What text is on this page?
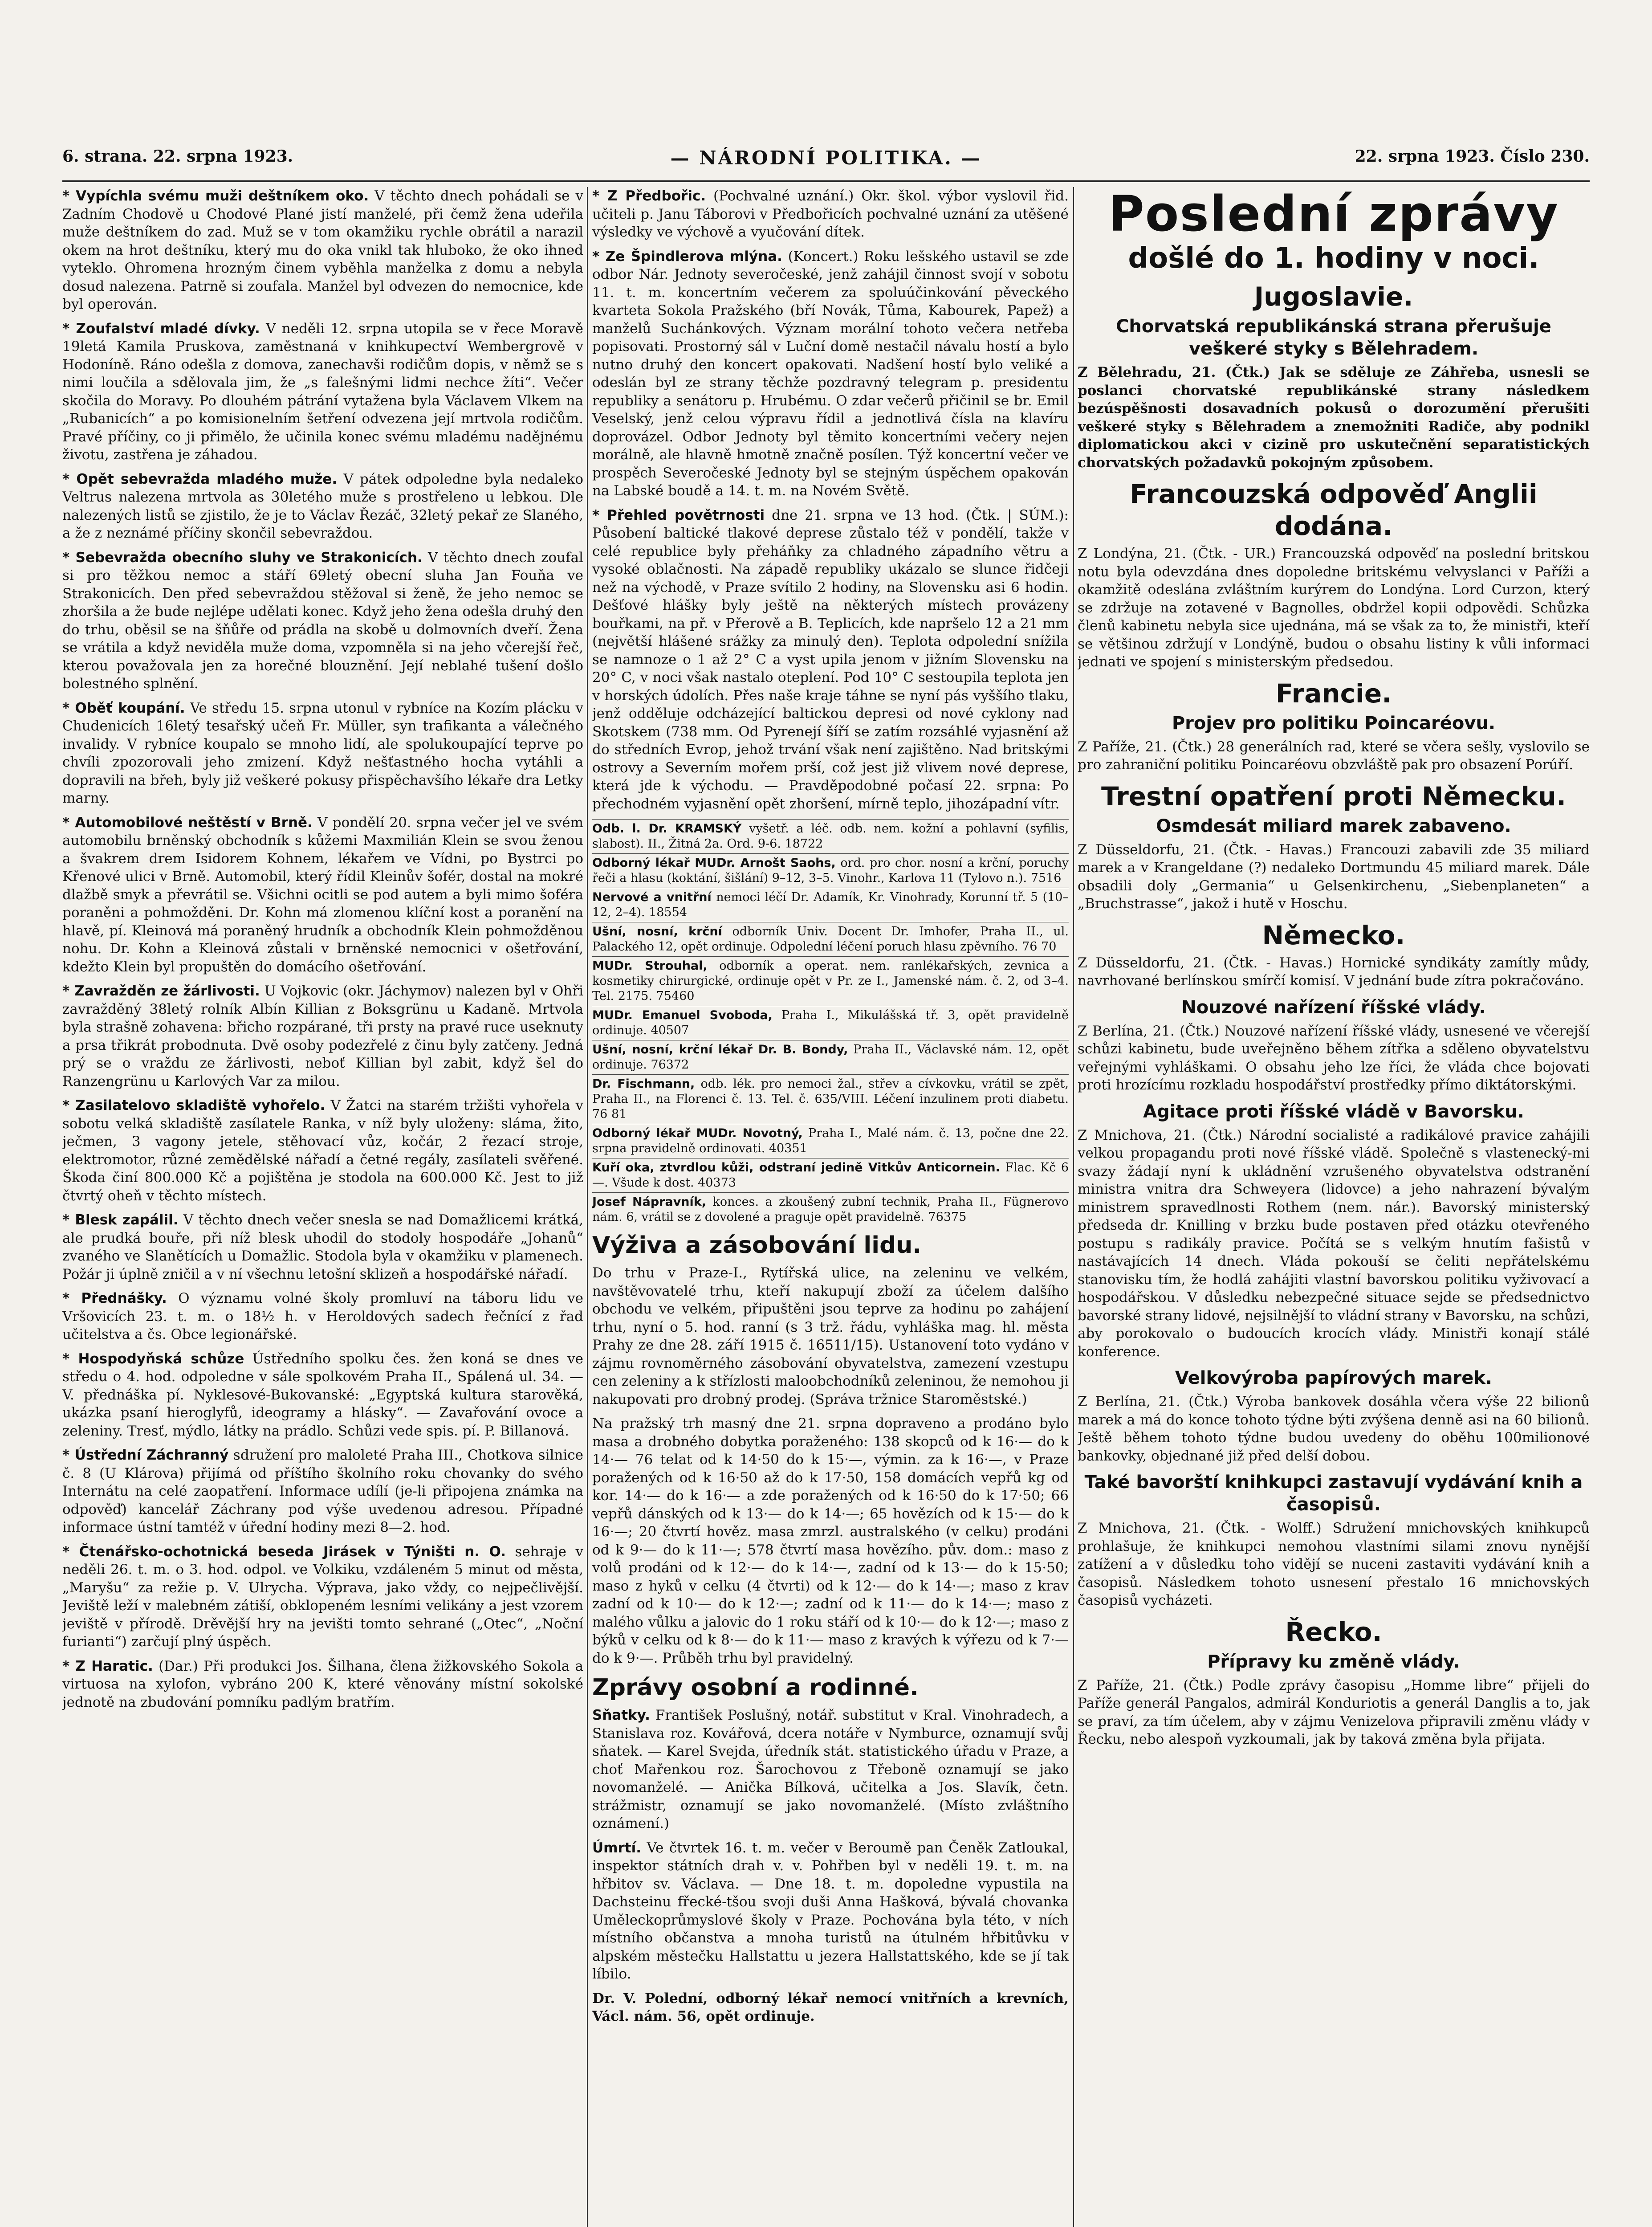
6. strana. 22. srpna 1923.	— NÁRODNÍ POLITIKA. —	22. srpna 1923. Číslo 230.
* Vypíchla svému muži deštníkem oko. V těchto dnech pohádali se v Zadním Chodově u Chodové Plané jistí manželé, při čemž žena udeřila muže deštníkem do zad. Muž se v tom okamžiku rychle obrátil a narazil okem na hrot deštníku, který mu do oka vnikl tak hluboko, že oko ihned vyteklo. Ohromena hrozným činem vyběhla manželka z domu a nebyla dosud nalezena. Patrně si zoufala. Manžel byl odvezen do nemocnice, kde byl operován.
* Zoufalství mladé dívky. V neděli 12. srpna utopila se v řece Moravě 19letá Kamila Pruskova, zaměstnaná v knihkupectví Wembergrově v Hodoníně. Ráno odešla z domova, zanechavši rodičům dopis, v němž se s nimi loučila a sdělovala jim, že „s falešnými lidmi nechce žíti“. Večer skočila do Moravy. Po dlouhém pátrání vytažena byla Václavem Vlkem na „Rubanicích“ a po komisionelním šetření odvezena její mrtvola rodičům. Pravé příčiny, co ji přimělo, že učinila konec svému mladému nadějnému životu, zastřena je záhadou.
* Opět sebevražda mladého muže. V pátek odpoledne byla nedaleko Veltrus nalezena mrtvola as 30letého muže s prostřeleno u lebkou. Dle nalezených listů se zjistilo, že je to Václav Řezáč, 32letý pekař ze Slaného, a že z neznámé příčiny skončil sebevraždou.
* Sebevražda obecního sluhy ve Strakonicích. V těchto dnech zoufal si pro těžkou nemoc a stáří 69letý obecní sluha Jan Fouňa ve Strakonicích. Den před sebevraždou stěžoval si ženě, že jeho nemoc se zhoršila a že bude nejlépe udělati konec. Když jeho žena odešla druhý den do trhu, oběsil se na šňůře od prádla na skobě u dolmovních dveří. Žena se vrátila a když neviděla muže doma, vzpomněla si na jeho včerejší řeč, kterou považovala jen za horečné blouznění. Její neblahé tušení došlo bolestného splnění.
* Oběť koupání. Ve středu 15. srpna utonul v rybníce na Kozím plácku v Chudenicích 16letý tesařský učeň Fr. Müller, syn trafikanta a válečného invalidy. V rybníce koupalo se mnoho lidí, ale spolukoupající teprve po chvíli zpozorovali jeho zmizení. Když nešťastného hocha vytáhli a dopravili na břeh, byly již veškeré pokusy přispěchavšího lékaře dra Letky marny.
* Automobilové neštěstí v Brně. V pondělí 20. srpna večer jel ve svém automobilu brněnský obchodník s kůžemi Maxmilián Klein se svou ženou a švakrem drem Isidorem Kohnem, lékařem ve Vídni, po Bystrci po Křenové ulici v Brně. Automobil, který řídil Kleinův šofér, dostal na mokré dlažbě smyk a převrátil se. Všichni ocitli se pod autem a byli mimo šoféra poraněni a pohmožděni. Dr. Kohn má zlomenou klíční kost a poranění na hlavě, pí. Kleinová má poraněný hrudník a obchodník Klein pohmožděnou nohu. Dr. Kohn a Kleinová zůstali v brněnské nemocnici v ošetřování, kdežto Klein byl propuštěn do domácího ošetřování.
* Zavražděn ze žárlivosti. U Vojkovic (okr. Jáchymov) nalezen byl v Ohři zavražděný 38letý rolník Albín Killian z Boksgrünu u Kadaně. Mrtvola byla strašně zohavena: břicho rozpárané, tři prsty na pravé ruce useknuty a prsa třikrát probodnuta. Dvě osoby podezřelé z činu byly zatčeny. Jedná prý se o vraždu ze žárlivosti, neboť Killian byl zabit, když šel do Ranzengrünu u Karlových Var za milou.
* Zasilatelovo skladiště vyhořelo. V Žatci na starém tržišti vyhořela v sobotu velká skladiště zasílatele Ranka, v níž byly uloženy: sláma, žito, ječmen, 3 vagony jetele, stěhovací vůz, kočár, 2 řezací stroje, elektromotor, různé zemědělské nářadí a četné regály, zasílateli svěřené. Škoda činí 800.000 Kč a pojištěna je stodola na 600.000 Kč. Jest to již čtvrtý oheň v těchto místech.
* Blesk zapálil. V těchto dnech večer snesla se nad Domažlicemi krátká, ale prudká bouře, při níž blesk uhodil do stodoly hospodáře „Johanů“ zvaného ve Slanětících u Domažlic. Stodola byla v okamžiku v plamenech. Požár ji úplně zničil a v ní všechnu letošní sklizeň a hospodářské nářadí.
* Přednášky. O významu volné školy promluví na táboru lidu ve Vršovicích 23. t. m. o 18½ h. v Heroldových sadech řečnící z řad učitelstva a čs. Obce legionářské.
* Hospodyňská schůze Ústředního spolku čes. žen koná se dnes ve středu o 4. hod. odpoledne v sále spolkovém Praha II., Spálená ul. 34. — V. přednáška pí. Nyklesové-Bukovanské: „Egyptská kultura starověká, ukázka psaní hieroglyfů, ideogramy a hlásky“. — Zavařování ovoce a zeleniny. Tresť, mýdlo, látky na prádlo. Schůzi vede spis. pí. P. Billanová.
* Ústřední Záchranný sdružení pro maloleté Praha III., Chotkova silnice č. 8 (U Klárova) přijímá od příštího školního roku chovanky do svého Internátu na celé zaopatření. Informace udílí (je-li připojena známka na odpověď) kancelář Záchrany pod výše uvedenou adresou. Případné informace ústní tamtéž v úřední hodiny mezi 8—2. hod.
* Čtenářsko-ochotnická beseda Jirásek v Týništi n. O. sehraje v neděli 26. t. m. o 3. hod. odpol. ve Volkiku, vzdáleném 5 minut od města, „Maryšu“ za režie p. V. Ulrycha. Výprava, jako vždy, co nejpečlivější. Jeviště leží v malebném zátiší, obklopeném lesními velikány a jest vzorem jeviště v přírodě. Drěvější hry na jevišti tomto sehrané („Otec“, „Noční furianti“) zarčují plný úspěch.
* Z Haratic. (Dar.) Při produkci Jos. Šilhana, člena žižkovského Sokola a virtuosa na xylofon, vybráno 200 K, které věnovány místní sokolské jednotě na zbudování pomníku padlým bratřím.
* Z Předbořic. (Pochvalné uznání.) Okr. škol. výbor vyslovil řid. učiteli p. Janu Táborovi v Předbořicích pochvalné uznání za utěšené výsledky ve výchově a vyučování dítek.
* Ze Špindlerova mlýna. (Koncert.) Roku lešského ustavil se zde odbor Nár. Jednoty severočeské, jenž zahájil činnost svojí v sobotu 11. t. m. koncertním večerem za spoluúčinkování pěveckého kvarteta Sokola Pražského (bří Novák, Tůma, Kabourek, Papež) a manželů Suchánkových. Význam morální tohoto večera netřeba popisovati. Prostorný sál v Luční domě nestačil návalu hostí a bylo nutno druhý den koncert opakovati. Nadšení hostí bylo veliké a odeslán byl ze strany těchže pozdravný telegram p. presidentu republiky a senátoru p. Hrubému. O zdar večerů přičinil se br. Emil Veselský, jenž celou výpravu řídil a jednotlivá čísla na klavíru doprovázel. Odbor Jednoty byl těmito koncertními večery nejen morálně, ale hlavně hmotně značně posílen. Týž koncertní večer ve prospěch Severočeské Jednoty byl se stejným úspěchem opakován na Labské boudě a 14. t. m. na Novém Světě.
* Přehled povětrnosti dne 21. srpna ve 13 hod. (Čtk. | SÚM.): Působení baltické tlakové deprese zůstalo též v pondělí, takže v celé republice byly přeháňky za chladného západního větru a vysoké oblačnosti. Na západě republiky ukázalo se slunce řidčeji než na východě, v Praze svítilo 2 hodiny, na Slovensku asi 6 hodin. Dešťové hlášky byly ještě na některých místech provázeny bouřkami, na př. v Přerově a B. Teplicích, kde napršelo 12 a 21 mm (největší hlášené srážky za minulý den). Teplota odpolední snížila se namnoze o 1 až 2° C a vyst upila jenom v jižním Slovensku na 20° C, v noci však nastalo oteplení. Pod 10° C sestoupila teplota jen v horských údolích. Přes naše kraje táhne se nyní pás vyššího tlaku, jenž odděluje odcházející baltickou depresi od nové cyklony nad Skotskem (738 mm. Od Pyrenejí šíří se zatím rozsáhlé vyjasnění až do středních Evrop, jehož trvání však není zajištěno. Nad britskými ostrovy a Severním mořem prší, což jest již vlivem nové deprese, která jde k východu. — Pravděpodobné počasí 22. srpna: Po přechodném vyjasnění opět zhoršení, mírně teplo, jihozápadní vítr.
Odb. l. Dr. KRAMSKÝ vyšetř. a léč. odb. nem. kožní a pohlavní (syfilis, slabost). II., Žitná 2a. Ord. 9-6. 18722
Odborný lékař MUDr. Arnošt Saohs, ord. pro chor. nosní a krční, poruchy řeči a hlasu (koktání, šišlání) 9–12, 3–5. Vinohr., Karlova 11 (Tylovo n.). 7516
Nervové a vnitřní nemoci léčí Dr. Adamík, Kr. Vinohrady, Korunní tř. 5 (10–12, 2–4). 18554
Ušní, nosní, krční odborník Univ. Docent Dr. Imhofer, Praha II., ul. Palackého 12, opět ordinuje. Odpolední léčení poruch hlasu zpěvního. 76 70
MUDr. Strouhal, odborník a operat. nem. ranlékařských, zevnica a kosmetiky chirurgické, ordinuje opět v Pr. ze I., Jamenské nám. č. 2, od 3–4. Tel. 2175. 75460
MUDr. Emanuel Svoboda, Praha I., Mikulášská tř. 3, opět pravidelně ordinuje. 40507
Ušní, nosní, krční lékař Dr. B. Bondy, Praha II., Václavské nám. 12, opět ordinuje. 76372
Dr. Fischmann, odb. lék. pro nemoci žal., střev a cívkovku, vrátil se zpět, Praha II., na Florenci č. 13. Tel. č. 635/VIII. Léčení inzulinem proti diabetu. 76 81
Odborný lékař MUDr. Novotný, Praha I., Malé nám. č. 13, počne dne 22. srpna pravidelně ordinovati. 40351
Kuří oka, ztvrdlou kůži, odstraní jedině Vitkův Anticornein. Flac. Kč 6—. Všude k dost. 40373
Josef Nápravník, konces. a zkoušený zubní technik, Praha II., Fügnerovo nám. 6, vrátil se z dovolené a praguje opět pravidelně. 76375
Výživa a zásobování lidu.
Do trhu v Praze-I., Rytířská ulice, na zeleninu ve velkém, navštěvovatelé trhu, kteří nakupují zboží za účelem dalšího obchodu ve velkém, připuštěni jsou teprve za hodinu po zahájení trhu, nyní o 5. hod. ranní (s 3 trž. řádu, vyhláška mag. hl. města Prahy ze dne 28. září 1915 č. 16511/15). Ustanovení toto vydáno v zájmu rovnoměrného zásobování obyvatelstva, zamezení vzestupu cen zeleniny a k střízlosti maloobchodníků zeleninou, že nemohou ji nakupovati pro drobný prodej. (Správa tržnice Staroměstské.)
Na pražský trh masný dne 21. srpna dopraveno a prodáno bylo masa a drobného dobytka poraženého: 138 skopců od k 16·— do k 14·— 76 telat od k 14·50 do k 15·—, výmin. za k 16·—, v Praze poražených od k 16·50 až do k 17·50, 158 domácích vepřů kg od kor. 14·— do k 16·— a zde poražených od k 16·50 do k 17·50; 66 vepřů dánských od k 13·— do k 14·—; 65 hovězích od k 15·— do k 16·—; 20 čtvrtí hověz. masa zmrzl. australského (v celku) prodáni od k 9·— do k 11·—; 578 čtvrtí masa hovězího. pův. dom.: maso z volů prodáni od k 12·— do k 14·—, zadní od k 13·— do k 15·50; maso z hyků v celku (4 čtvrti) od k 12·— do k 14·—; maso z krav zadní od k 10·— do k 12·—; zadní od k 11·— do k 14·—; maso z malého vůlku a jalovic do 1 roku stáří od k 10·— do k 12·—; maso z býků v celku od k 8·— do k 11·— maso z kravých k výřezu od k 7·— do k 9·—. Průběh trhu byl pravidelný.
Zprávy osobní a rodinné.
Sňatky. František Poslušný, notář. substitut v Kral. Vinohradech, a Stanislava roz. Kovářová, dcera notáře v Nymburce, oznamují svůj sňatek. — Karel Svejda, úředník stát. statistického úřadu v Praze, a choť Mařenkou roz. Šarochovou z Třeboně oznamují se jako novomanželé. — Anička Bílková, učitelka a Jos. Slavík, četn. strážmistr, oznamují se jako novomanželé. (Místo zvláštního oznámení.)
Úmrtí. Ve čtvrtek 16. t. m. večer v Beroumě pan Čeněk Zatloukal, inspektor státních drah v. v. Pohřben byl v neděli 19. t. m. na hřbitov sv. Václava. — Dne 18. t. m. dopoledne vypustila na Dachsteinu fřecké-tšou svoji duši Anna Hašková, bývalá chovanka Uměleckoprůmyslové školy v Praze. Pochována byla této, v ních místního občanstva a mnoha turistů na útulném hřbitůvku v alpském městečku Hallstattu u jezera Hallstattského, kde se jí tak líbilo.
Dr. V. Polední, odborný lékař nemocí vnitřních a krevních, Václ. nám. 56, opět ordinuje.
Poslední zprávy
došlé do 1. hodiny v noci.
Jugoslavie.
Chorvatská republikánská strana přerušuje veškeré styky s Bělehradem.
Z Bělehradu, 21. (Čtk.) Jak se sděluje ze Záhřeba, usnesli se poslanci chorvatské republikánské strany následkem bezúspěšnosti dosavadních pokusů o dorozumění přerušiti veškeré styky s Bělehradem a znemožniti Radiče, aby podnikl diplomatickou akci v cizině pro uskutečnění separatistických chorvatských požadavků pokojným způsobem.
Francouzská odpověď Anglii dodána.
Z Londýna, 21. (Čtk. - UR.) Francouzská odpověď na poslední britskou notu byla odevzdána dnes dopoledne britskému velvyslanci v Paříži a okamžitě odeslána zvláštním kurýrem do Londýna. Lord Curzon, který se zdržuje na zotavené v Bagnolles, obdržel kopii odpovědi. Schůzka členů kabinetu nebyla sice ujednána, má se však za to, že ministři, kteří se většinou zdržují v Londýně, budou o obsahu listiny k vůli informaci jednati ve spojení s ministerským předsedou.
Francie.
Projev pro politiku Poincaréovu.
Z Paříže, 21. (Čtk.) 28 generálních rad, které se včera sešly, vyslovilo se pro zahraniční politiku Poincaréovu obzvláště pak pro obsazení Porúří.
Trestní opatření proti Německu.
Osmdesát miliard marek zabaveno.
Z Düsseldorfu, 21. (Čtk. - Havas.) Francouzi zabavili zde 35 miliard marek a v Krangeldane (?) nedaleko Dortmundu 45 miliard marek. Dále obsadili doly „Germania“ u Gelsenkirchenu, „Siebenplaneten“ a „Bruchstrasse“, jakož i hutě v Hoschu.
Německo.
Z Düsseldorfu, 21. (Čtk. - Havas.) Hornické syndikáty zamítly můdy, navrhované berlínskou smírčí komisí. V jednání bude zítra pokračováno.
Nouzové nařízení říšské vlády.
Z Berlína, 21. (Čtk.) Nouzové nařízení říšské vlády, usnesené ve včerejší schůzi kabinetu, bude uveřejněno během zítřka a sděleno obyvatelstvu veřejnými vyhláškami. O obsahu jeho lze říci, že vláda chce bojovati proti hrozícímu rozkladu hospodářství prostředky přímo diktátorskými.
Agitace proti říšské vládě v Bavorsku.
Z Mnichova, 21. (Čtk.) Národní socialisté a radikálové pravice zahájili velkou propagandu proti nové říšské vládě. Společně s vlastenecký-mi svazy žádají nyní k ukládnění vzrušeného obyvatelstva odstranění ministra vnitra dra Schweyera (lidovce) a jeho nahrazení bývalým ministrem spravedlnosti Rothem (nem. nár.). Bavorský ministerský předseda dr. Knilling v brzku bude postaven před otázku otevřeného postupu s radikály pravice. Počítá se s velkým hnutím fašistů v nastávajících 14 dnech. Vláda pokouší se čeliti nepřátelskému stanovisku tím, že hodlá zahájiti vlastní bavorskou politiku vyživovací a hospodářskou. V důsledku nebezpečné situace sejde se předsednictvo bavorské strany lidové, nejsilnější to vládní strany v Bavorsku, na schůzi, aby porokovalo o budoucích krocích vlády. Ministři konají stálé konference.
Velkovýroba papírových marek.
Z Berlína, 21. (Čtk.) Výroba bankovek dosáhla včera výše 22 bilionů marek a má do konce tohoto týdne býti zvýšena denně asi na 60 bilionů. Ještě během tohoto týdne budou uvedeny do oběhu 100milionové bankovky, objednané již před delší dobou.
Také bavorští knihkupci zastavují vydávání knih a časopisů.
Z Mnichova, 21. (Čtk. - Wolff.) Sdružení mnichovských knihkupců prohlašuje, že knihkupci nemohou vlastními silami znovu nynější zatížení a v důsledku toho vidějí se nuceni zastaviti vydávání knih a časopisů. Následkem tohoto usnesení přestalo 16 mnichovských časopisů vycházeti.
Řecko.
Přípravy ku změně vlády.
Z Paříže, 21. (Čtk.) Podle zprávy časopisu „Homme libre“ přijeli do Paříže generál Pangalos, admirál Konduriotis a generál Danglis a to, jak se praví, za tím účelem, aby v zájmu Venizelova připravili změnu vlády v Řecku, nebo alespoň vyzkoumali, jak by taková změna byla přijata.
